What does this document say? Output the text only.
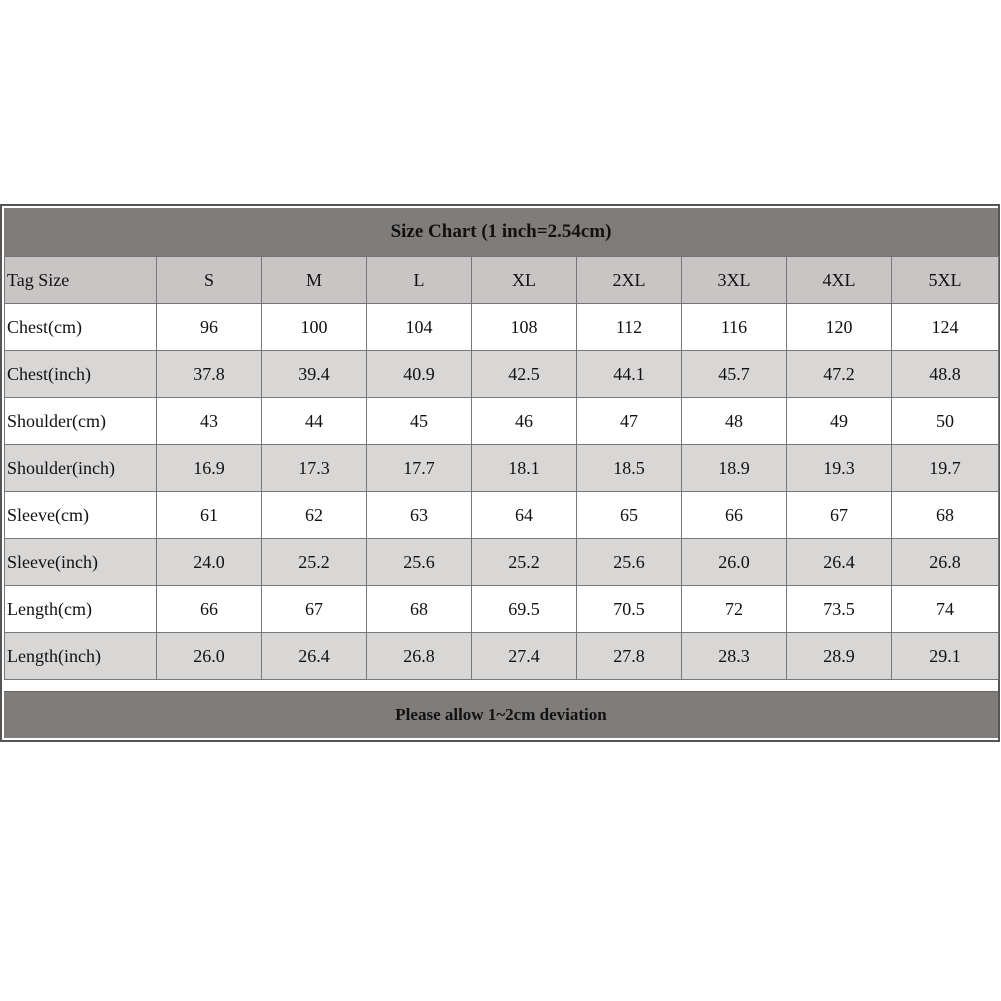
Size Chart (1 inch=2.54cm)
Tag Size	S	M	L	XL	2XL	3XL	4XL	5XL
Chest(cm)	96	100	104	108	112	116	120	124
Chest(inch)	37.8	39.4	40.9	42.5	44.1	45.7	47.2	48.8
Shoulder(cm)	43	44	45	46	47	48	49	50
Shoulder(inch)	16.9	17.3	17.7	18.1	18.5	18.9	19.3	19.7
Sleeve(cm)	61	62	63	64	65	66	67	68
Sleeve(inch)	24.0	25.2	25.6	25.2	25.6	26.0	26.4	26.8
Length(cm)	66	67	68	69.5	70.5	72	73.5	74
Length(inch)	26.0	26.4	26.8	27.4	27.8	28.3	28.9	29.1
Please allow 1~2cm deviation
